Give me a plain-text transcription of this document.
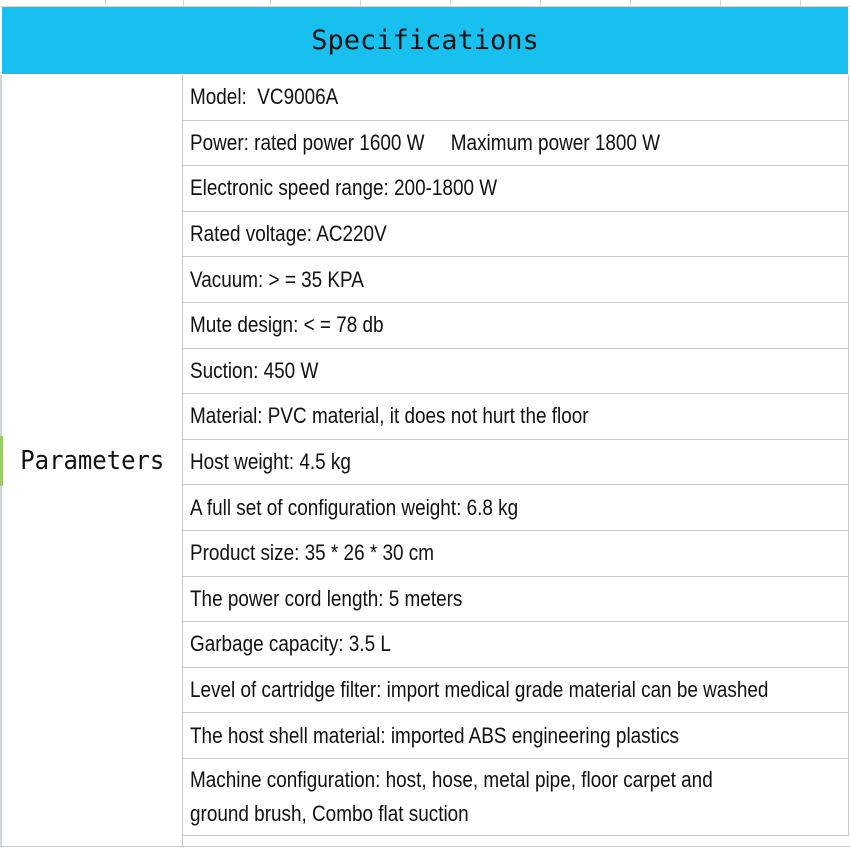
Specifications
Parameters
Model:  VC9006A
Power: rated power 1600 W     Maximum power 1800 W
Electronic speed range: 200-1800 W
Rated voltage: AC220V
Vacuum: > = 35 KPA
Mute design: < = 78 db
Suction: 450 W
Material: PVC material, it does not hurt the floor
Host weight: 4.5 kg
A full set of configuration weight: 6.8 kg
Product size: 35 * 26 * 30 cm
The power cord length: 5 meters
Garbage capacity: 3.5 L
Level of cartridge filter: import medical grade material can be washed
The host shell material: imported ABS engineering plastics
Machine configuration: host, hose, metal pipe, floor carpet and ground brush, Combo flat suction
